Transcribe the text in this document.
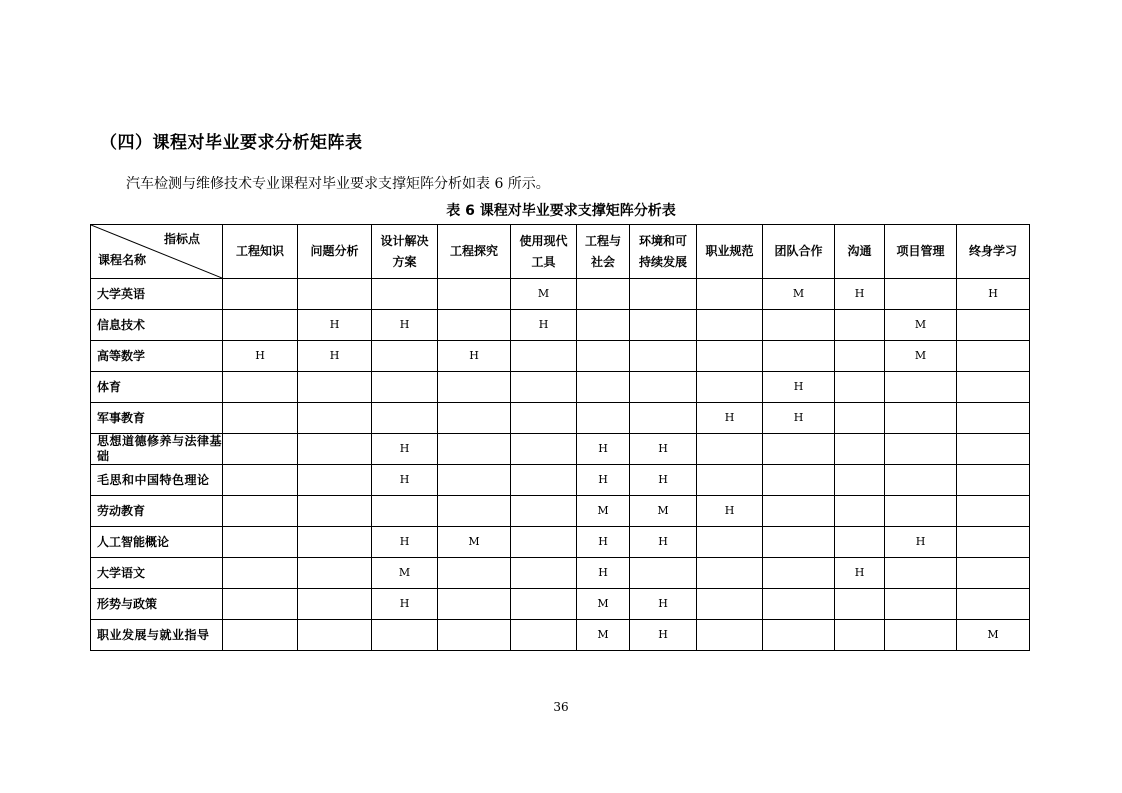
（四）课程对毕业要求分析矩阵表
汽车检测与维修技术专业课程对毕业要求支撑矩阵分析如表 6 所示。
表 6 课程对毕业要求支撑矩阵分析表
指标点
课程名称	工程知识	问题分析	设计解决
方案	工程探究	使用现代
工具	工程与
社会	环境和可
持续发展	职业规范	团队合作	沟通	项目管理	终身学习
大学英语					M				M	H		H
信息技术		H	H		H						M	
高等数学	H	H		H							M	
体育									H			
军事教育								H	H			
思想道德修养与法律基础			H			H	H					
毛思和中国特色理论			H			H	H					
劳动教育						M	M	H				
人工智能概论			H	M		H	H				H	
大学语文			M			H				H		
形势与政策			H			M	H					
职业发展与就业指导						M	H					M
36
